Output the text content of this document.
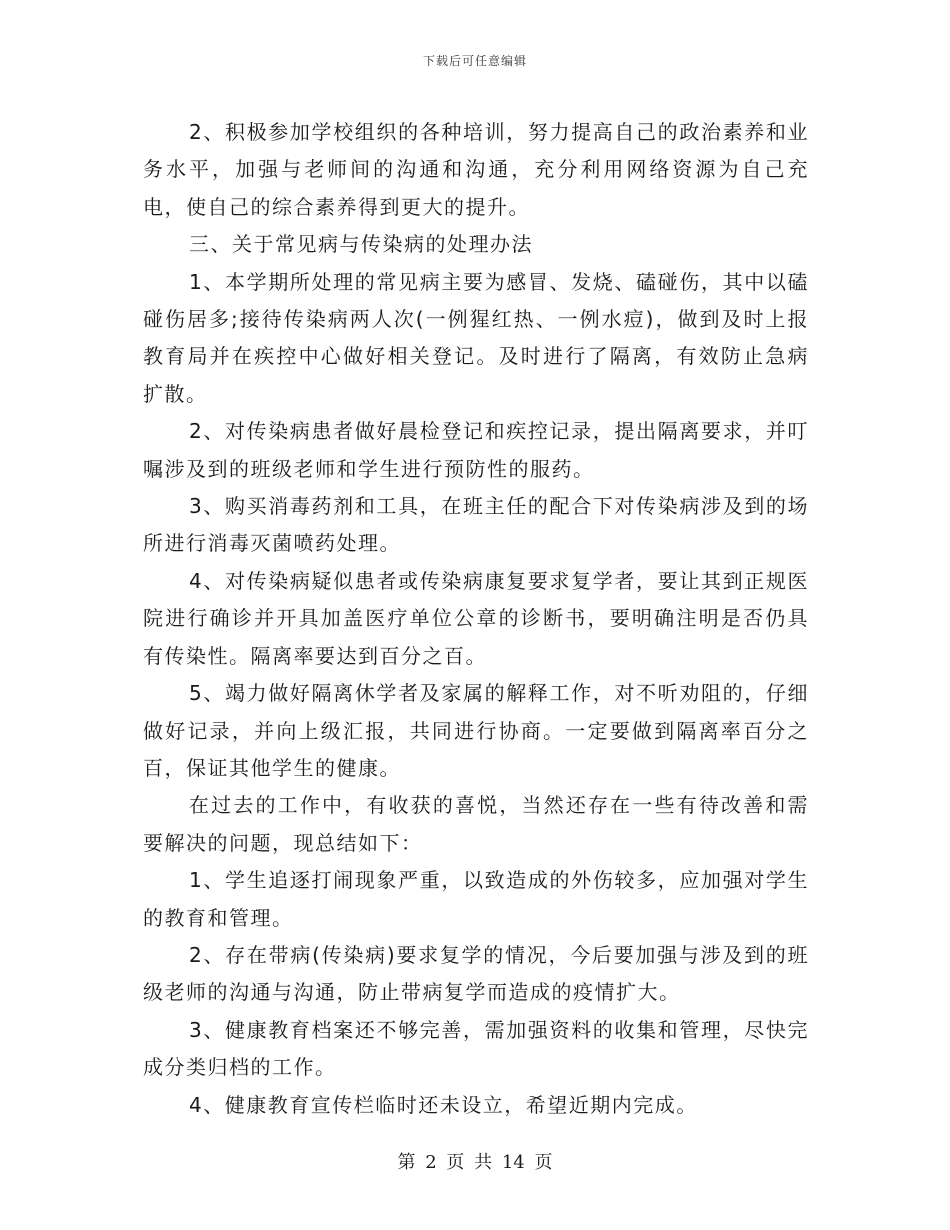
下载后可任意编辑

2、积极参加学校组织的各种培训，努力提高自己的政治素养和业务水平，加强与老师间的沟通和沟通，充分利用网络资源为自己充电，使自己的综合素养得到更大的提升。

三、关于常见病与传染病的处理办法

1、本学期所处理的常见病主要为感冒、发烧、磕碰伤，其中以磕碰伤居多;接待传染病两人次(一例猩红热、一例水痘)，做到及时上报教育局并在疾控中心做好相关登记。及时进行了隔离，有效防止急病扩散。

2、对传染病患者做好晨检登记和疾控记录，提出隔离要求，并叮嘱涉及到的班级老师和学生进行预防性的服药。

3、购买消毒药剂和工具，在班主任的配合下对传染病涉及到的场所进行消毒灭菌喷药处理。

4、对传染病疑似患者或传染病康复要求复学者，要让其到正规医院进行确诊并开具加盖医疗单位公章的诊断书，要明确注明是否仍具有传染性。隔离率要达到百分之百。

5、竭力做好隔离休学者及家属的解释工作，对不听劝阻的，仔细做好记录，并向上级汇报，共同进行协商。一定要做到隔离率百分之百，保证其他学生的健康。

在过去的工作中，有收获的喜悦，当然还存在一些有待改善和需要解决的问题，现总结如下：

1、学生追逐打闹现象严重，以致造成的外伤较多，应加强对学生的教育和管理。

2、存在带病(传染病)要求复学的情况，今后要加强与涉及到的班级老师的沟通与沟通，防止带病复学而造成的疫情扩大。

3、健康教育档案还不够完善，需加强资料的收集和管理，尽快完成分类归档的工作。

4、健康教育宣传栏临时还未设立，希望近期内完成。

第 2 页 共 14 页
